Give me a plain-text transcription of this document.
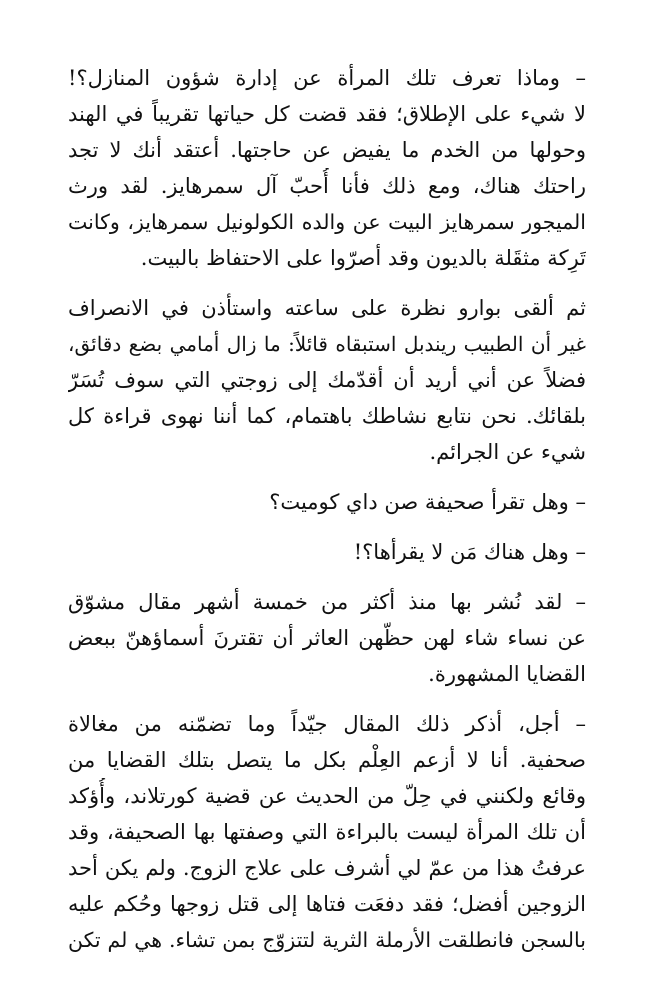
– وماذا تعرف تلك المرأة عن إدارة شؤون المنازل؟!
لا شيء على الإطلاق؛ فقد قضت كل حياتها تقريباً في الهند
وحولها من الخدم ما يفيض عن حاجتها. أعتقد أنك لا تجد
راحتك هناك، ومع ذلك فأنا أُحبّ آل سمرهايز. لقد ورث
الميجور سمرهايز البيت عن والده الكولونيل سمرهايز، وكانت
تَرِكة مثقَلة بالديون وقد أصرّوا على الاحتفاظ بالبيت.

ثم ألقى بوارو نظرة على ساعته واستأذن في الانصراف
غير أن الطبيب ريندبل استبقاه قائلاً: ما زال أمامي بضع دقائق،
فضلاً عن أني أريد أن أقدّمك إلى زوجتي التي سوف تُسَرّ
بلقائك. نحن نتابع نشاطك باهتمام، كما أننا نهوى قراءة كل
شيء عن الجرائم.

– وهل تقرأ صحيفة صن داي كوميت؟

– وهل هناك مَن لا يقرأها؟!

– لقد نُشر بها منذ أكثر من خمسة أشهر مقال مشوّق
عن نساء شاء لهن حظّهن العاثر أن تقترنَ أسماؤهنّ ببعض
القضايا المشهورة.

– أجل، أذكر ذلك المقال جيّداً وما تضمّنه من مغالاة
صحفية. أنا لا أزعم العِلْم بكل ما يتصل بتلك القضايا من
وقائع ولكنني في حِلّ من الحديث عن قضية كورتلاند، وأُؤكد
أن تلك المرأة ليست بالبراءة التي وصفتها بها الصحيفة، وقد
عرفتُ هذا من عمّ لي أشرف على علاج الزوج. ولم يكن أحد
الزوجين أفضل؛ فقد دفعَت فتاها إلى قتل زوجها وحُكم عليه
بالسجن فانطلقت الأرملة الثرية لتتزوّج بمن تشاء. هي لم تكن
